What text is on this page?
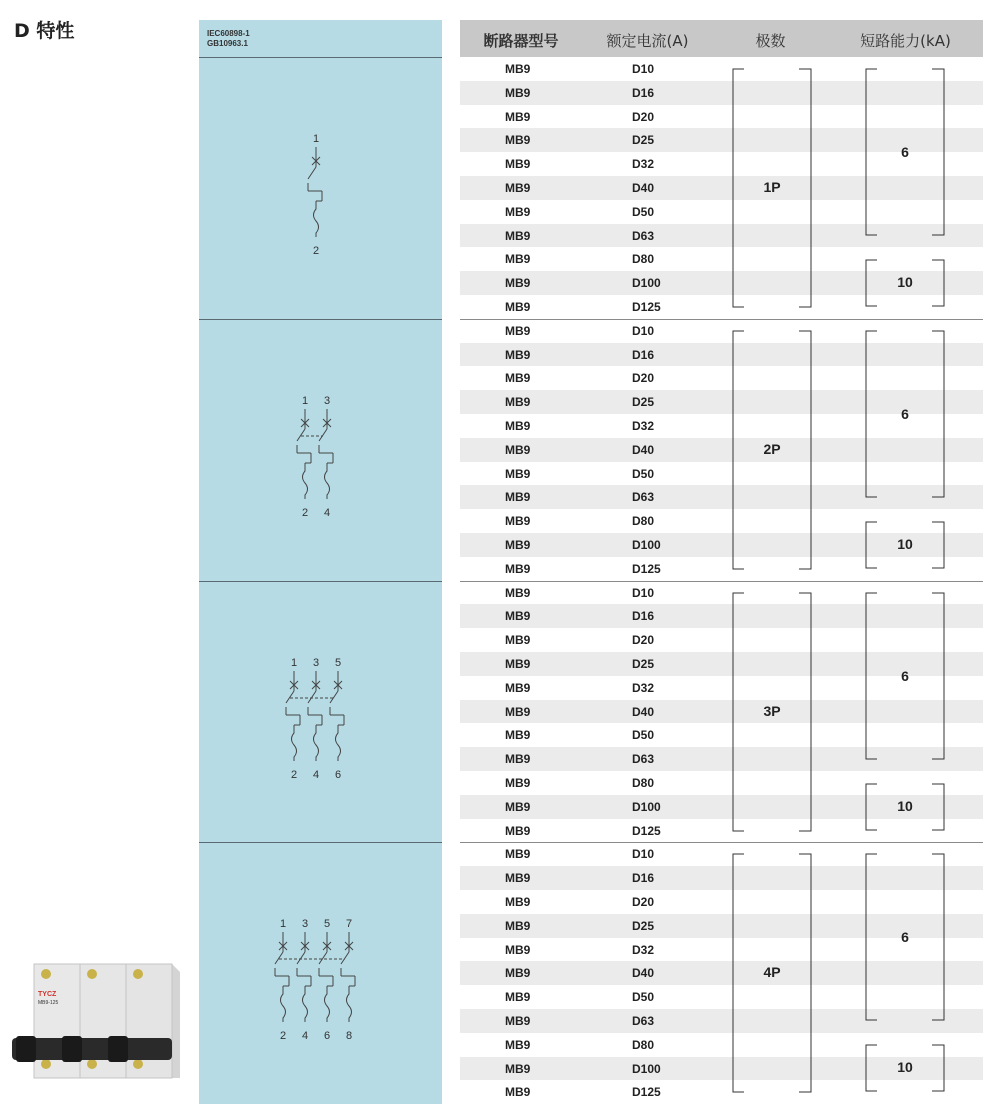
D 特性	IEC60898-1
GB10963.1
1
2
1
2
3
4
1
2
3
4
5
6
1
2
3
4
5
6
7
8
断路器型号	额定电流(A)	极数	短路能力(kA)
MB9	D10
MB9	D16
MB9	D20
MB9	D25
MB9	D32
MB9	D40
MB9	D50
MB9	D63
MB9	D80
MB9	D100
MB9	D125
1P
6
10
MB9	D10
MB9	D16
MB9	D20
MB9	D25
MB9	D32
MB9	D40
MB9	D50
MB9	D63
MB9	D80
MB9	D100
MB9	D125
2P
6
10
MB9	D10
MB9	D16
MB9	D20
MB9	D25
MB9	D32
MB9	D40
MB9	D50
MB9	D63
MB9	D80
MB9	D100
MB9	D125
3P
6
10
MB9	D10
MB9	D16
MB9	D20
MB9	D25
MB9	D32
MB9	D40
MB9	D50
MB9	D63
MB9	D80
MB9	D100
MB9	D125
4P
6
10
TYCZ
MB9-125
